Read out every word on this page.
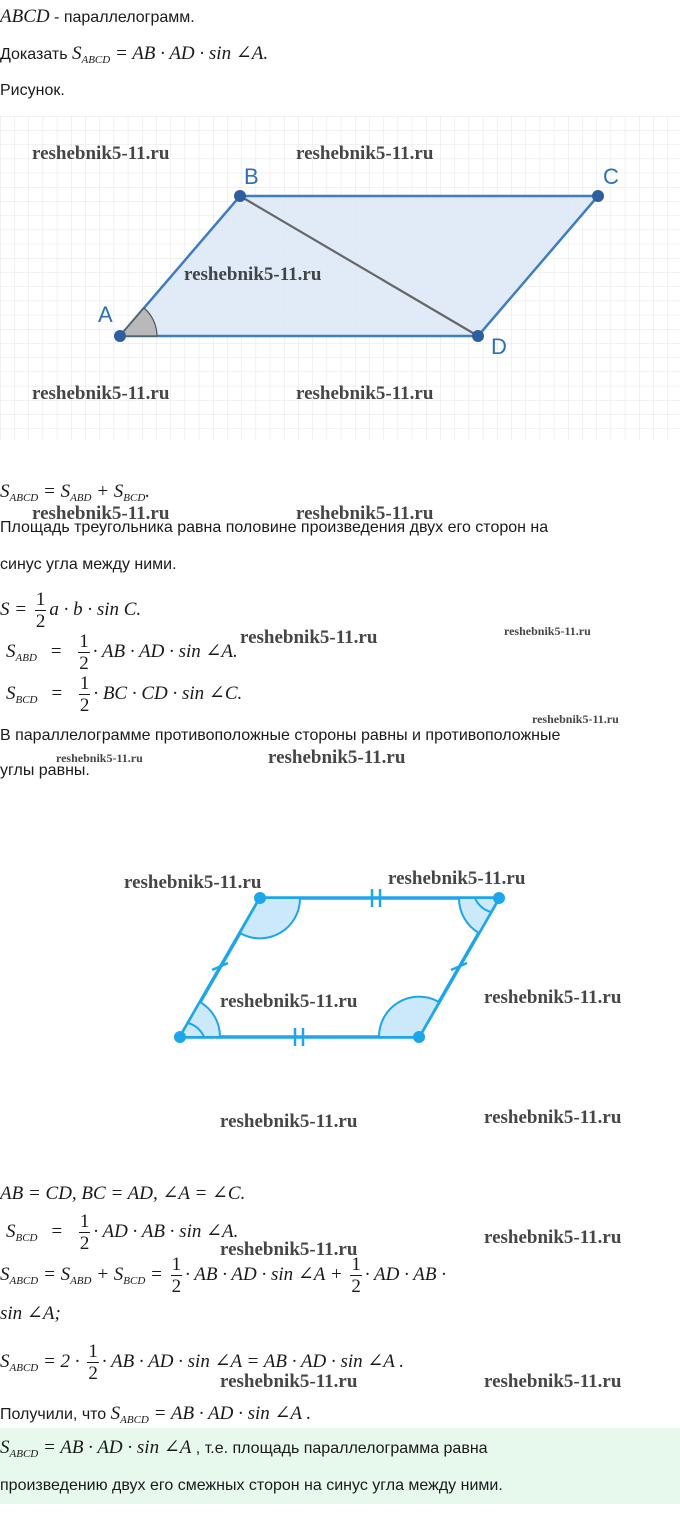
ABCD - параллелограмм.
Доказать $S_{ABCD}$ = AB · AD · sin ∠A.
Рисунок.
A
B	C
D
$S_{ABCD} = S_{ABD} + S_{BCD}$.
Площадь треугольника равна половине произведения двух его сторон на
синус угла между ними.
$S = \frac{1}{2}$ a · b · sin C.
$S_{ABD} = \frac{1}{2}$ · AB · AD · sin ∠A.
$S_{BCD} = \frac{1}{2}$ · BC · CD · sin ∠C.
В параллелограмме противоположные стороны равны и противоположные
углы равны.
AB = CD, BC = AD, ∠A = ∠C.
$S_{BCD} = \frac{1}{2}$ · AD · AB · sin ∠A.
$S_{ABCD} = S_{ABD} + S_{BCD} = \frac{1}{2}$ · AB · AD · sin ∠A + $\frac{1}{2}$ · AD · AB ·
sin ∠A;
$S_{ABCD} = 2 \cdot \frac{1}{2}$ · AB · AD · sin ∠A = AB · AD · sin ∠A .
Получили, что $S_{ABCD}$ = AB · AD · sin ∠A .
$S_{ABCD}$ = AB · AD · sin ∠A , т.е. площадь параллелограмма равна
произведению двух его смежных сторон на синус угла между ними.
reshebnik5-11.ru	reshebnik5-11.ru
reshebnik5-11.ru
reshebnik5-11.ru	reshebnik5-11.ru
reshebnik5-11.ru	reshebnik5-11.ru
reshebnik5-11.ru	reshebnik5-11.ru
reshebnik5-11.ru
reshebnik5-11.ru	reshebnik5-11.ru
reshebnik5-11.ru	reshebnik5-11.ru
reshebnik5-11.ru	reshebnik5-11.ru
reshebnik5-11.ru	reshebnik5-11.ru
reshebnik5-11.ru
reshebnik5-11.ru
reshebnik5-11.ru	reshebnik5-11.ru
